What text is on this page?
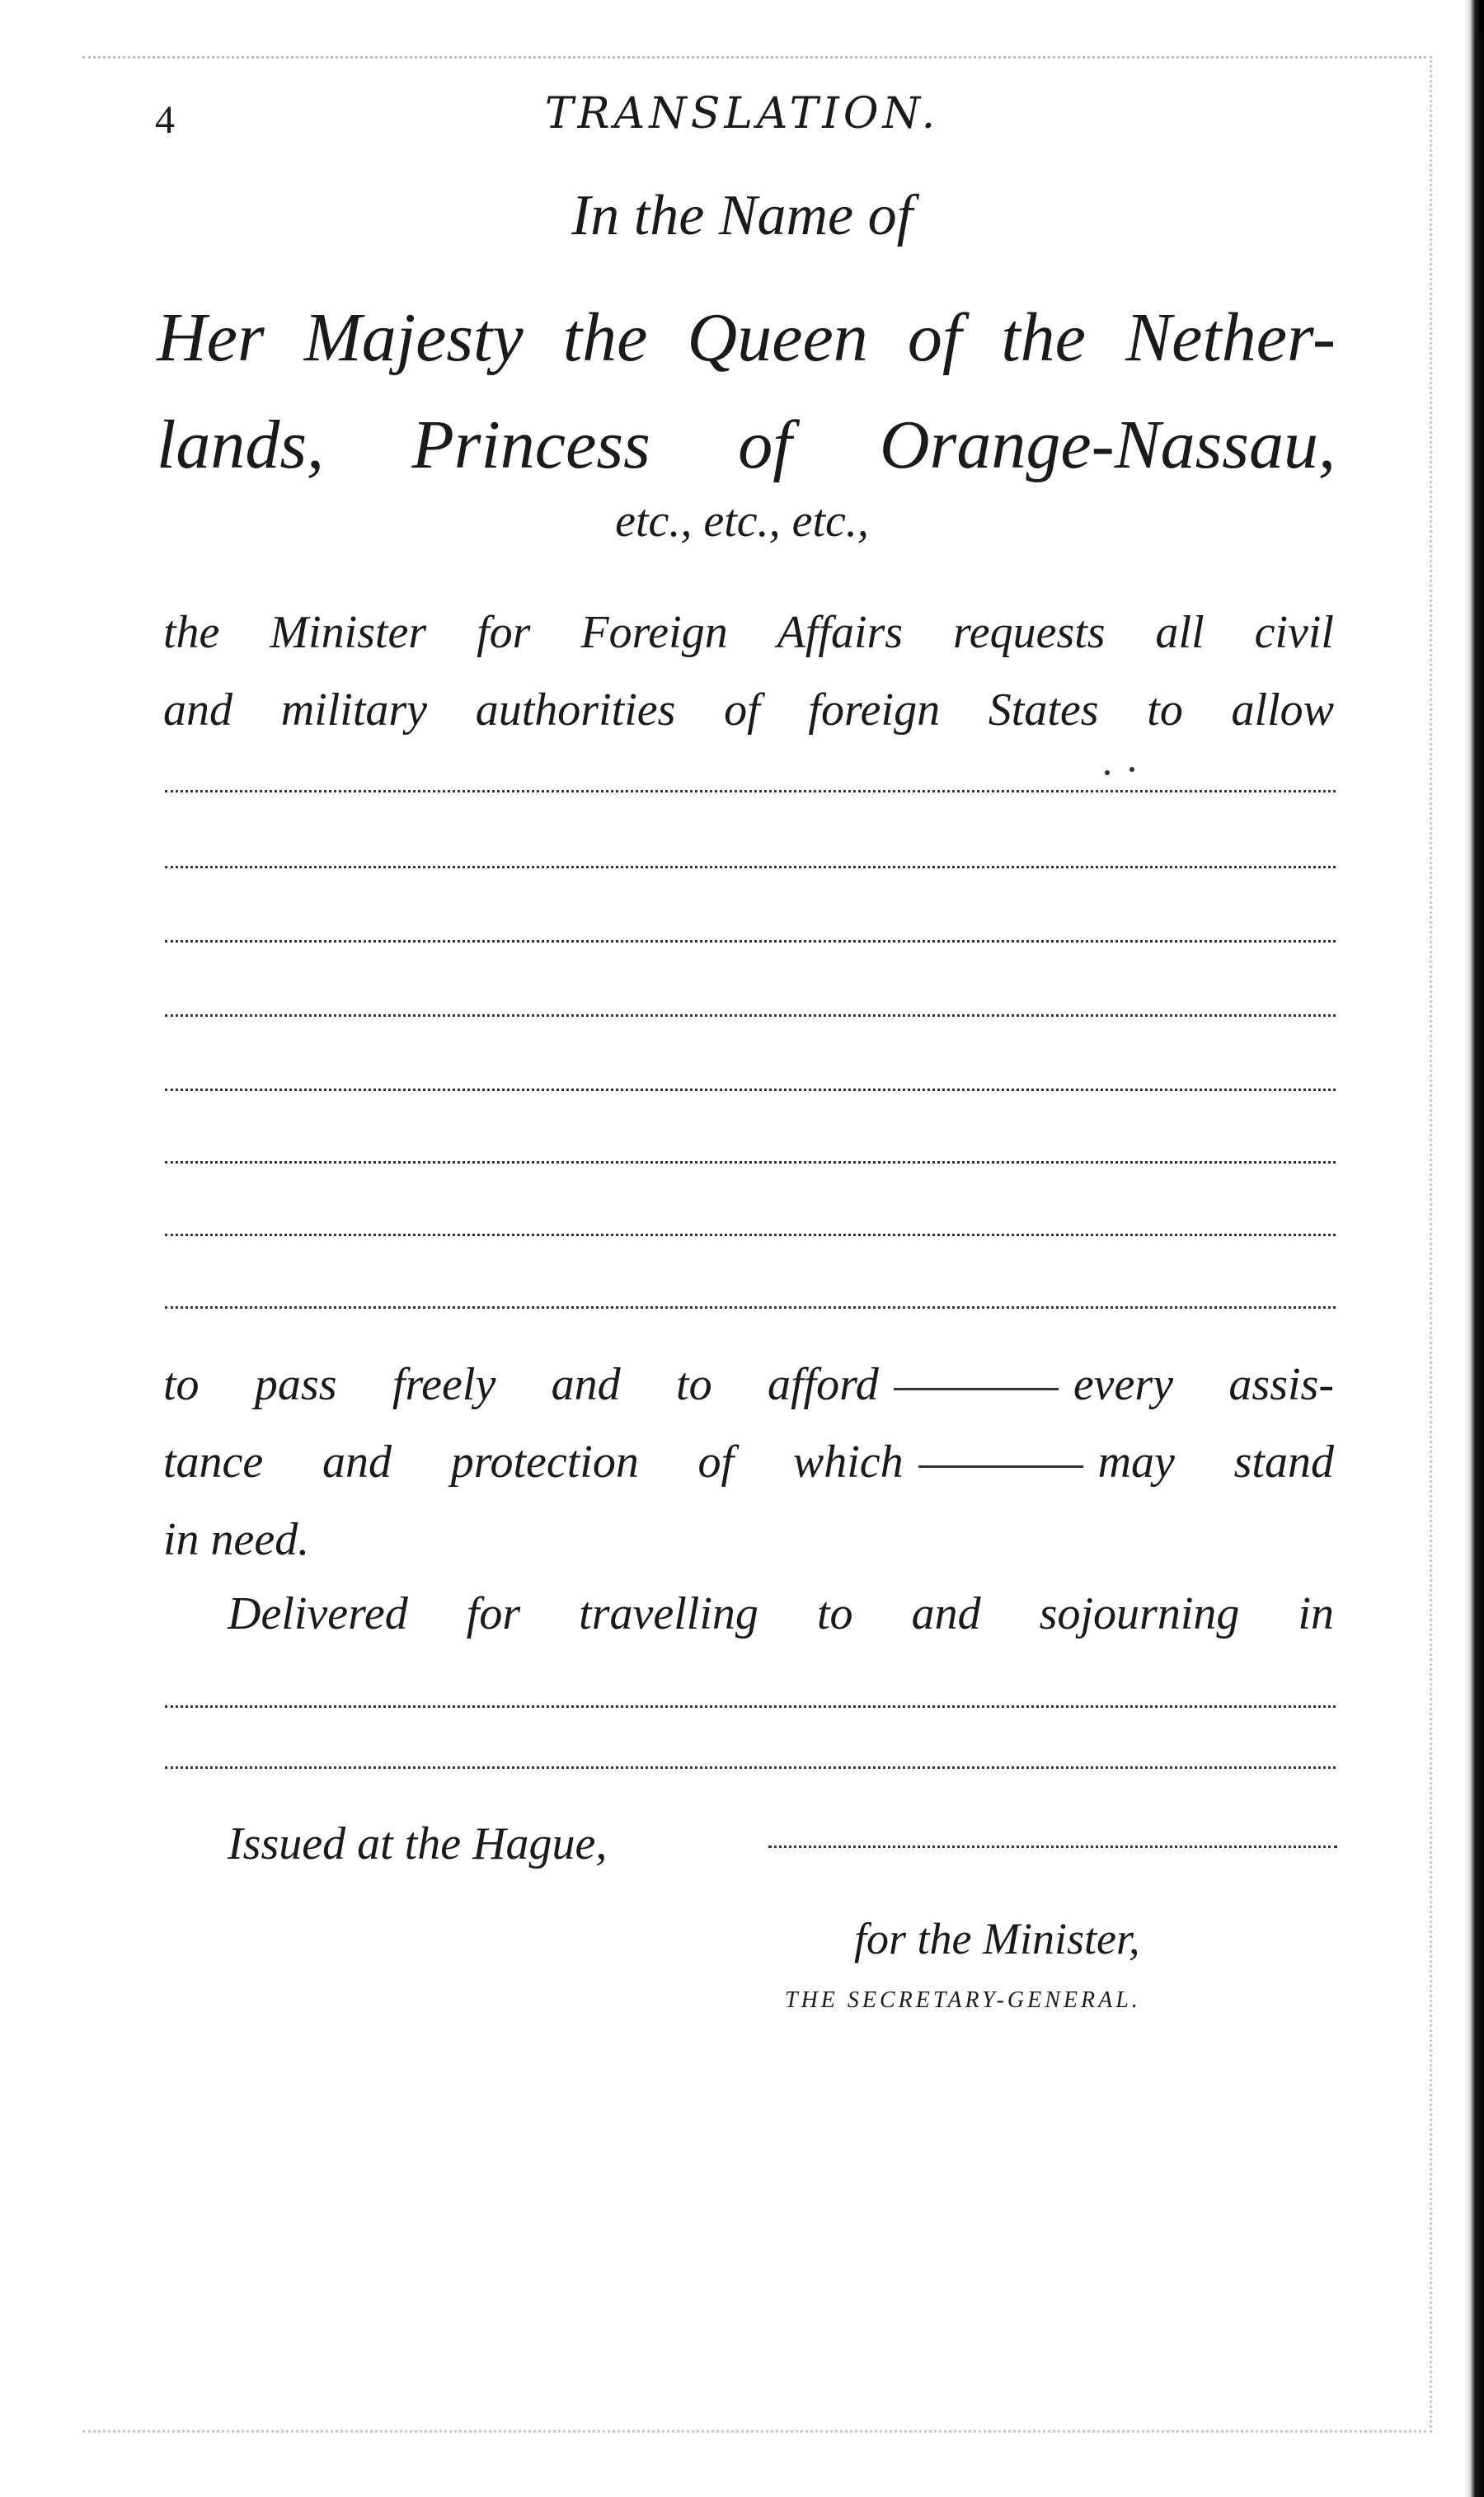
4	TRANSLATION.
In the Name of
Her Majesty the Queen of the Nether-
lands, Princess of Orange-Nassau,
etc., etc., etc.,
the Minister for Foreign Affairs requests all civil
and military authorities of foreign States to allow
to pass freely and to afford	every assis-
tance and protection of which	may stand
in need.
Delivered for travelling to and sojourning in
Issued at the Hague,
for the Minister,
THE SECRETARY-GENERAL.
